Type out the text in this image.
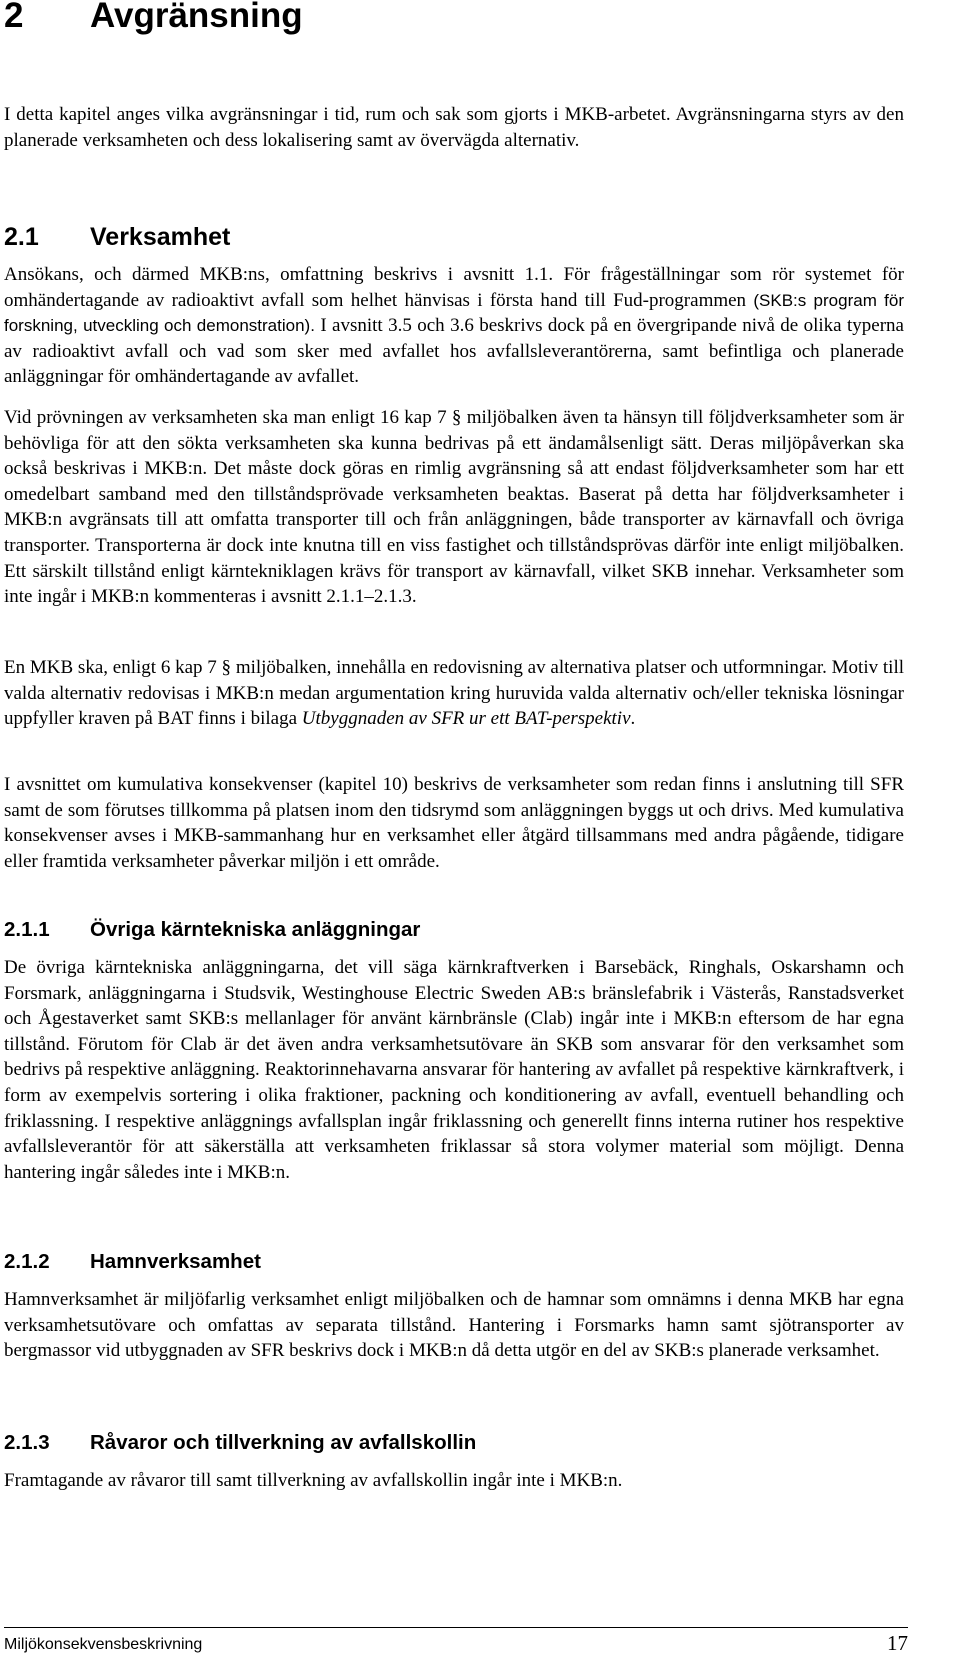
2 Avgränsning

I detta kapitel anges vilka avgränsningar i tid, rum och sak som gjorts i MKB-arbetet. Avgränsningarna styrs av den planerade verksamheten och dess lokalisering samt av övervägda alternativ.

2.1 Verksamhet

Ansökans, och därmed MKB:ns, omfattning beskrivs i avsnitt 1.1. För frågeställningar som rör systemet för omhändertagande av radioaktivt avfall som helhet hänvisas i första hand till Fud-programmen (SKB:s program för forskning, utveckling och demonstration). I avsnitt 3.5 och 3.6 beskrivs dock på en övergripande nivå de olika typerna av radioaktivt avfall och vad som sker med avfallet hos avfallsleverantörerna, samt befintliga och planerade anläggningar för omhändertagande av avfallet.

Vid prövningen av verksamheten ska man enligt 16 kap 7 § miljöbalken även ta hänsyn till följdverksamheter som är behövliga för att den sökta verksamheten ska kunna bedrivas på ett ändamålsenligt sätt. Deras miljöpåverkan ska också beskrivas i MKB:n. Det måste dock göras en rimlig avgränsning så att endast följdverksamheter som har ett omedelbart samband med den tillståndsprövade verksamheten beaktas. Baserat på detta har följdverksamheter i MKB:n avgränsats till att omfatta transporter till och från anläggningen, både transporter av kärnavfall och övriga transporter. Transporterna är dock inte knutna till en viss fastighet och tillståndsprövas därför inte enligt miljöbalken. Ett särskilt tillstånd enligt kärntekniklagen krävs för transport av kärnavfall, vilket SKB innehar. Verksamheter som inte ingår i MKB:n kommenteras i avsnitt 2.1.1–2.1.3.

En MKB ska, enligt 6 kap 7 § miljöbalken, innehålla en redovisning av alternativa platser och utformningar. Motiv till valda alternativ redovisas i MKB:n medan argumentation kring huruvida valda alternativ och/eller tekniska lösningar uppfyller kraven på BAT finns i bilaga Utbyggnaden av SFR ur ett BAT-perspektiv.

I avsnittet om kumulativa konsekvenser (kapitel 10) beskrivs de verksamheter som redan finns i anslutning till SFR samt de som förutses tillkomma på platsen inom den tidsrymd som anläggningen byggs ut och drivs. Med kumulativa konsekvenser avses i MKB-sammanhang hur en verksamhet eller åtgärd tillsammans med andra pågående, tidigare eller framtida verksamheter påverkar miljön i ett område.

2.1.1 Övriga kärntekniska anläggningar

De övriga kärntekniska anläggningarna, det vill säga kärnkraftverken i Barsebäck, Ringhals, Oskarshamn och Forsmark, anläggningarna i Studsvik, Westinghouse Electric Sweden AB:s bränslefabrik i Västerås, Ranstadsverket och Ågestaverket samt SKB:s mellanlager för använt kärnbränsle (Clab) ingår inte i MKB:n eftersom de har egna tillstånd. Förutom för Clab är det även andra verksamhetsutövare än SKB som ansvarar för den verksamhet som bedrivs på respektive anläggning. Reaktorinnehavarna ansvarar för hantering av avfallet på respektive kärnkraftverk, i form av exempelvis sortering i olika fraktioner, packning och konditionering av avfall, eventuell behandling och friklassning. I respektive anläggnings avfallsplan ingår friklassning och generellt finns interna rutiner hos respektive avfallsleverantör för att säkerställa att verksamheten friklassar så stora volymer material som möjligt. Denna hantering ingår således inte i MKB:n.

2.1.2 Hamnverksamhet

Hamnverksamhet är miljöfarlig verksamhet enligt miljöbalken och de hamnar som omnämns i denna MKB har egna verksamhetsutövare och omfattas av separata tillstånd. Hantering i Forsmarks hamn samt sjötransporter av bergmassor vid utbyggnaden av SFR beskrivs dock i MKB:n då detta utgör en del av SKB:s planerade verksamhet.

2.1.3 Råvaror och tillverkning av avfallskollin

Framtagande av råvaror till samt tillverkning av avfallskollin ingår inte i MKB:n.

Miljökonsekvensbeskrivning	17
